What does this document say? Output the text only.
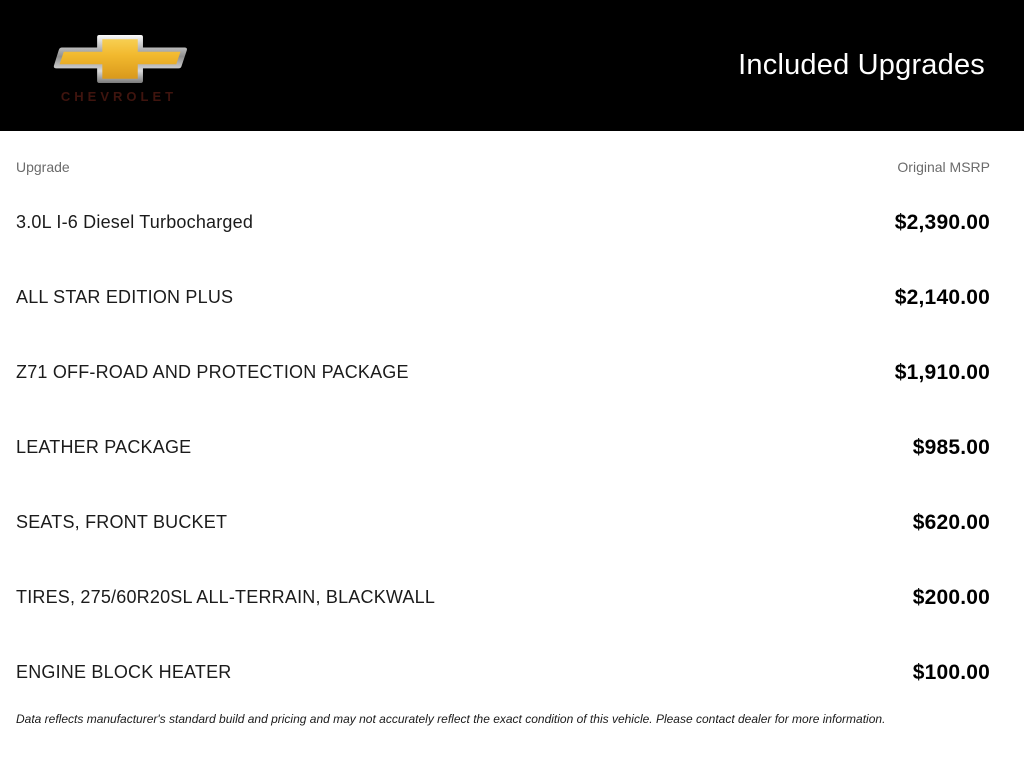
CHEVROLET
Included Upgrades
Upgrade	Original MSRP
3.0L I-6 Diesel Turbocharged	$2,390.00
ALL STAR EDITION PLUS	$2,140.00
Z71 OFF-ROAD AND PROTECTION PACKAGE	$1,910.00
LEATHER PACKAGE	$985.00
SEATS, FRONT BUCKET	$620.00
TIRES, 275/60R20SL ALL-TERRAIN, BLACKWALL	$200.00
ENGINE BLOCK HEATER	$100.00
Data reflects manufacturer's standard build and pricing and may not accurately reflect the exact condition of this vehicle. Please contact dealer for more information.
